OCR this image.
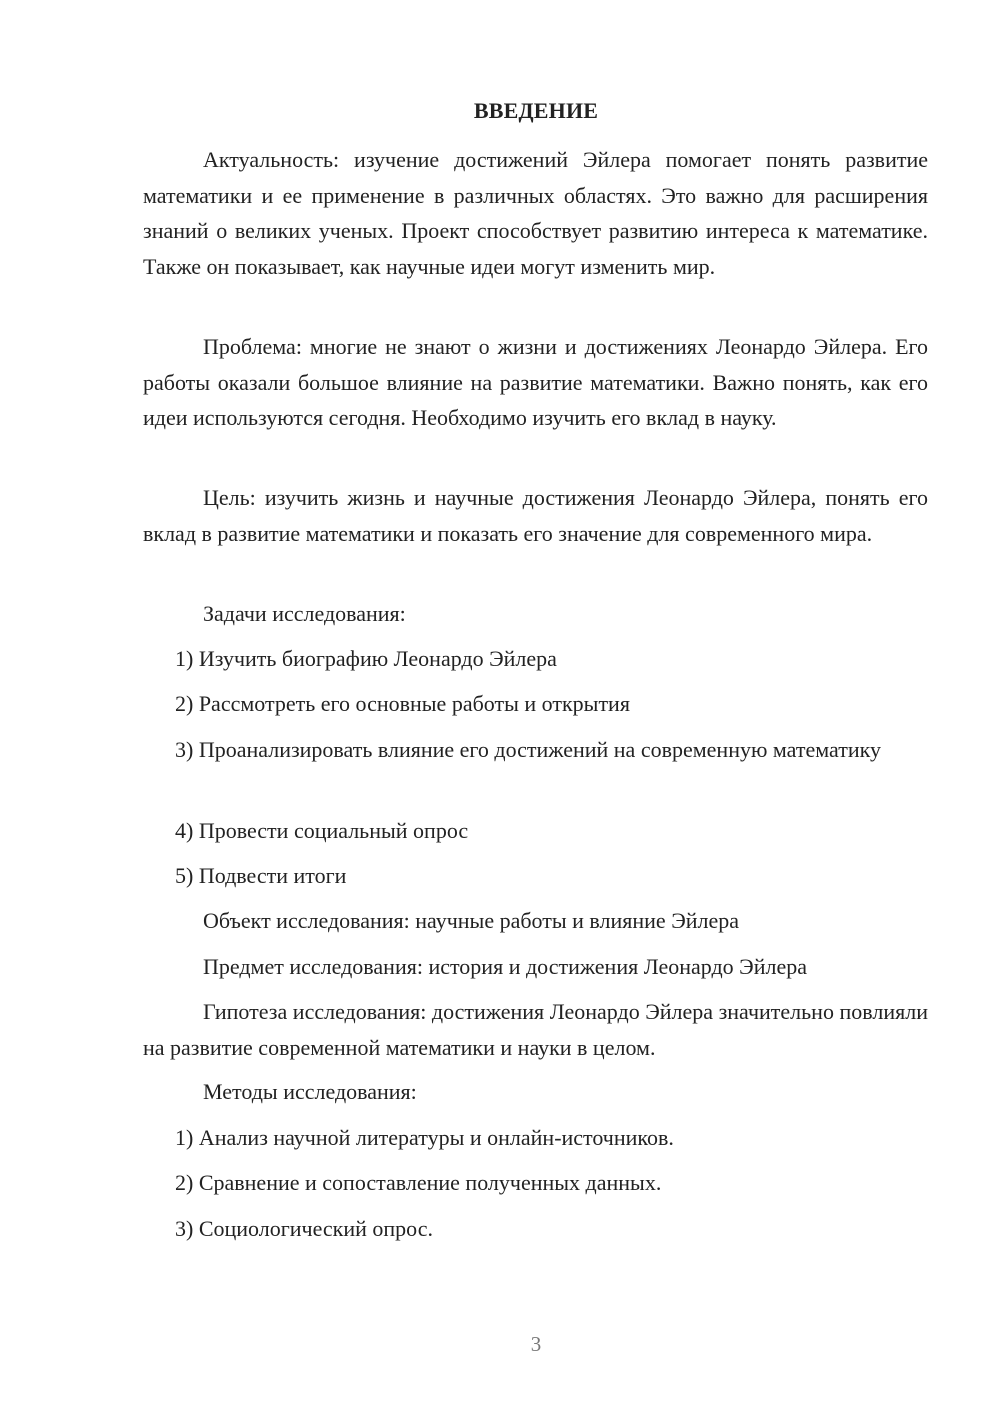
ВВЕДЕНИЕ

Актуальность: изучение достижений Эйлера помогает понять развитие математики и ее применение в различных областях. Это важно для расширения знаний о великих ученых. Проект способствует развитию интереса к математике. Также он показывает, как научные идеи могут изменить мир.

Проблема: многие не знают о жизни и достижениях Леонардо Эйлера. Его работы оказали большое влияние на развитие математики. Важно понять, как его идеи используются сегодня. Необходимо изучить его вклад в науку.

Цель: изучить жизнь и научные достижения Леонардо Эйлера, понять его вклад в развитие математики и показать его значение для современного мира.

Задачи исследования:

1) Изучить биографию Леонардо Эйлера

2) Рассмотреть его основные работы и открытия

3) Проанализировать влияние его достижений на современную математику

4) Провести социальный опрос

5) Подвести итоги

Объект исследования: научные работы и влияние Эйлера

Предмет исследования: история и достижения Леонардо Эйлера

Гипотеза исследования: достижения Леонардо Эйлера значительно повлияли на развитие современной математики и науки в целом.

Методы исследования:

1) Анализ научной литературы и онлайн-источников.

2) Сравнение и сопоставление полученных данных.

3) Социологический опрос.

3
